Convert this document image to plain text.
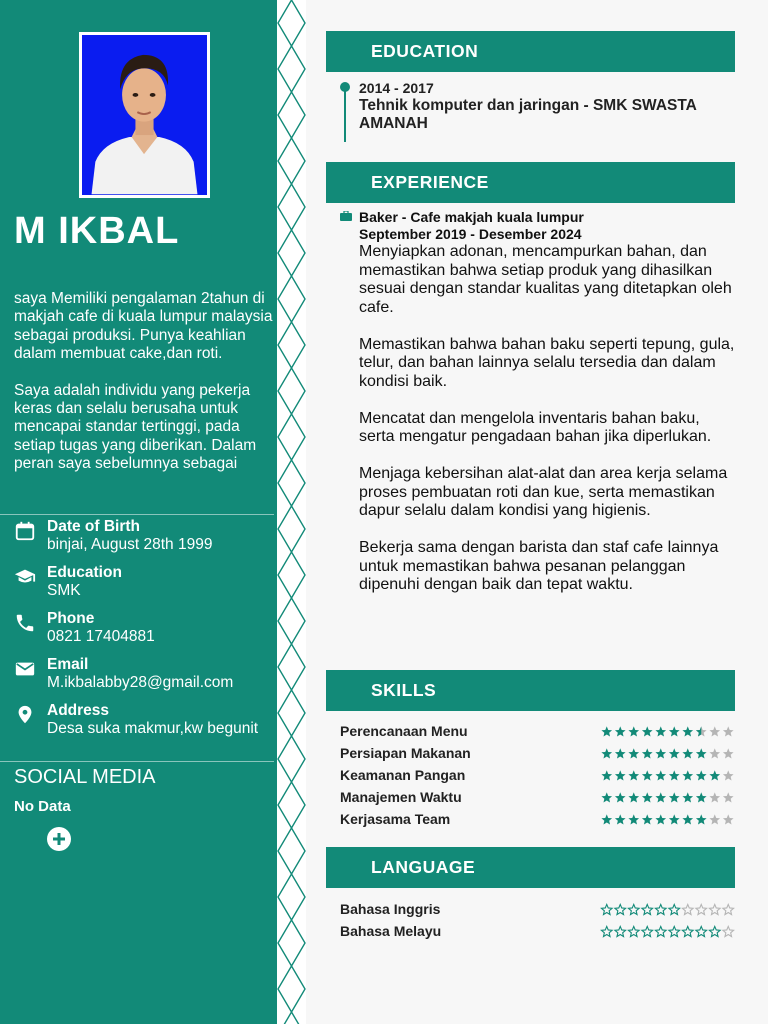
M IKBAL

saya Memiliki pengalaman 2tahun di makjah cafe di kuala lumpur malaysia sebagai produksi. Punya keahlian dalam membuat cake,dan roti.

Saya adalah individu yang pekerja keras dan selalu berusaha untuk mencapai standar tertinggi, pada setiap tugas yang diberikan. Dalam peran saya sebelumnya sebagai

Date of Birth
binjai, August 28th 1999
Education
SMK
Phone
0821 17404881
Email
M.ikbalabby28@gmail.com
Address
Desa suka makmur,kw begunit
SOCIAL MEDIA
No Data
EDUCATION
2014 - 2017
Tehnik komputer dan jaringan - SMK SWASTA AMANAH
EXPERIENCE
Baker - Cafe makjah kuala lumpur
September 2019 - Desember 2024

Menyiapkan adonan, mencampurkan bahan, dan memastikan bahwa setiap produk yang dihasilkan sesuai dengan standar kualitas yang ditetapkan oleh cafe.

Memastikan bahwa bahan baku seperti tepung, gula, telur, dan bahan lainnya selalu tersedia dan dalam kondisi baik.

Mencatat dan mengelola inventaris bahan baku, serta mengatur pengadaan bahan jika diperlukan.

Menjaga kebersihan alat-alat dan area kerja selama proses pembuatan roti dan kue, serta memastikan dapur selalu dalam kondisi yang higienis.

Bekerja sama dengan barista dan staf cafe lainnya untuk memastikan bahwa pesanan pelanggan dipenuhi dengan baik dan tepat waktu.

SKILLS
Perencanaan Menu
Persiapan Makanan
Keamanan Pangan
Manajemen Waktu
Kerjasama Team
LANGUAGE
Bahasa Inggris
Bahasa Melayu
